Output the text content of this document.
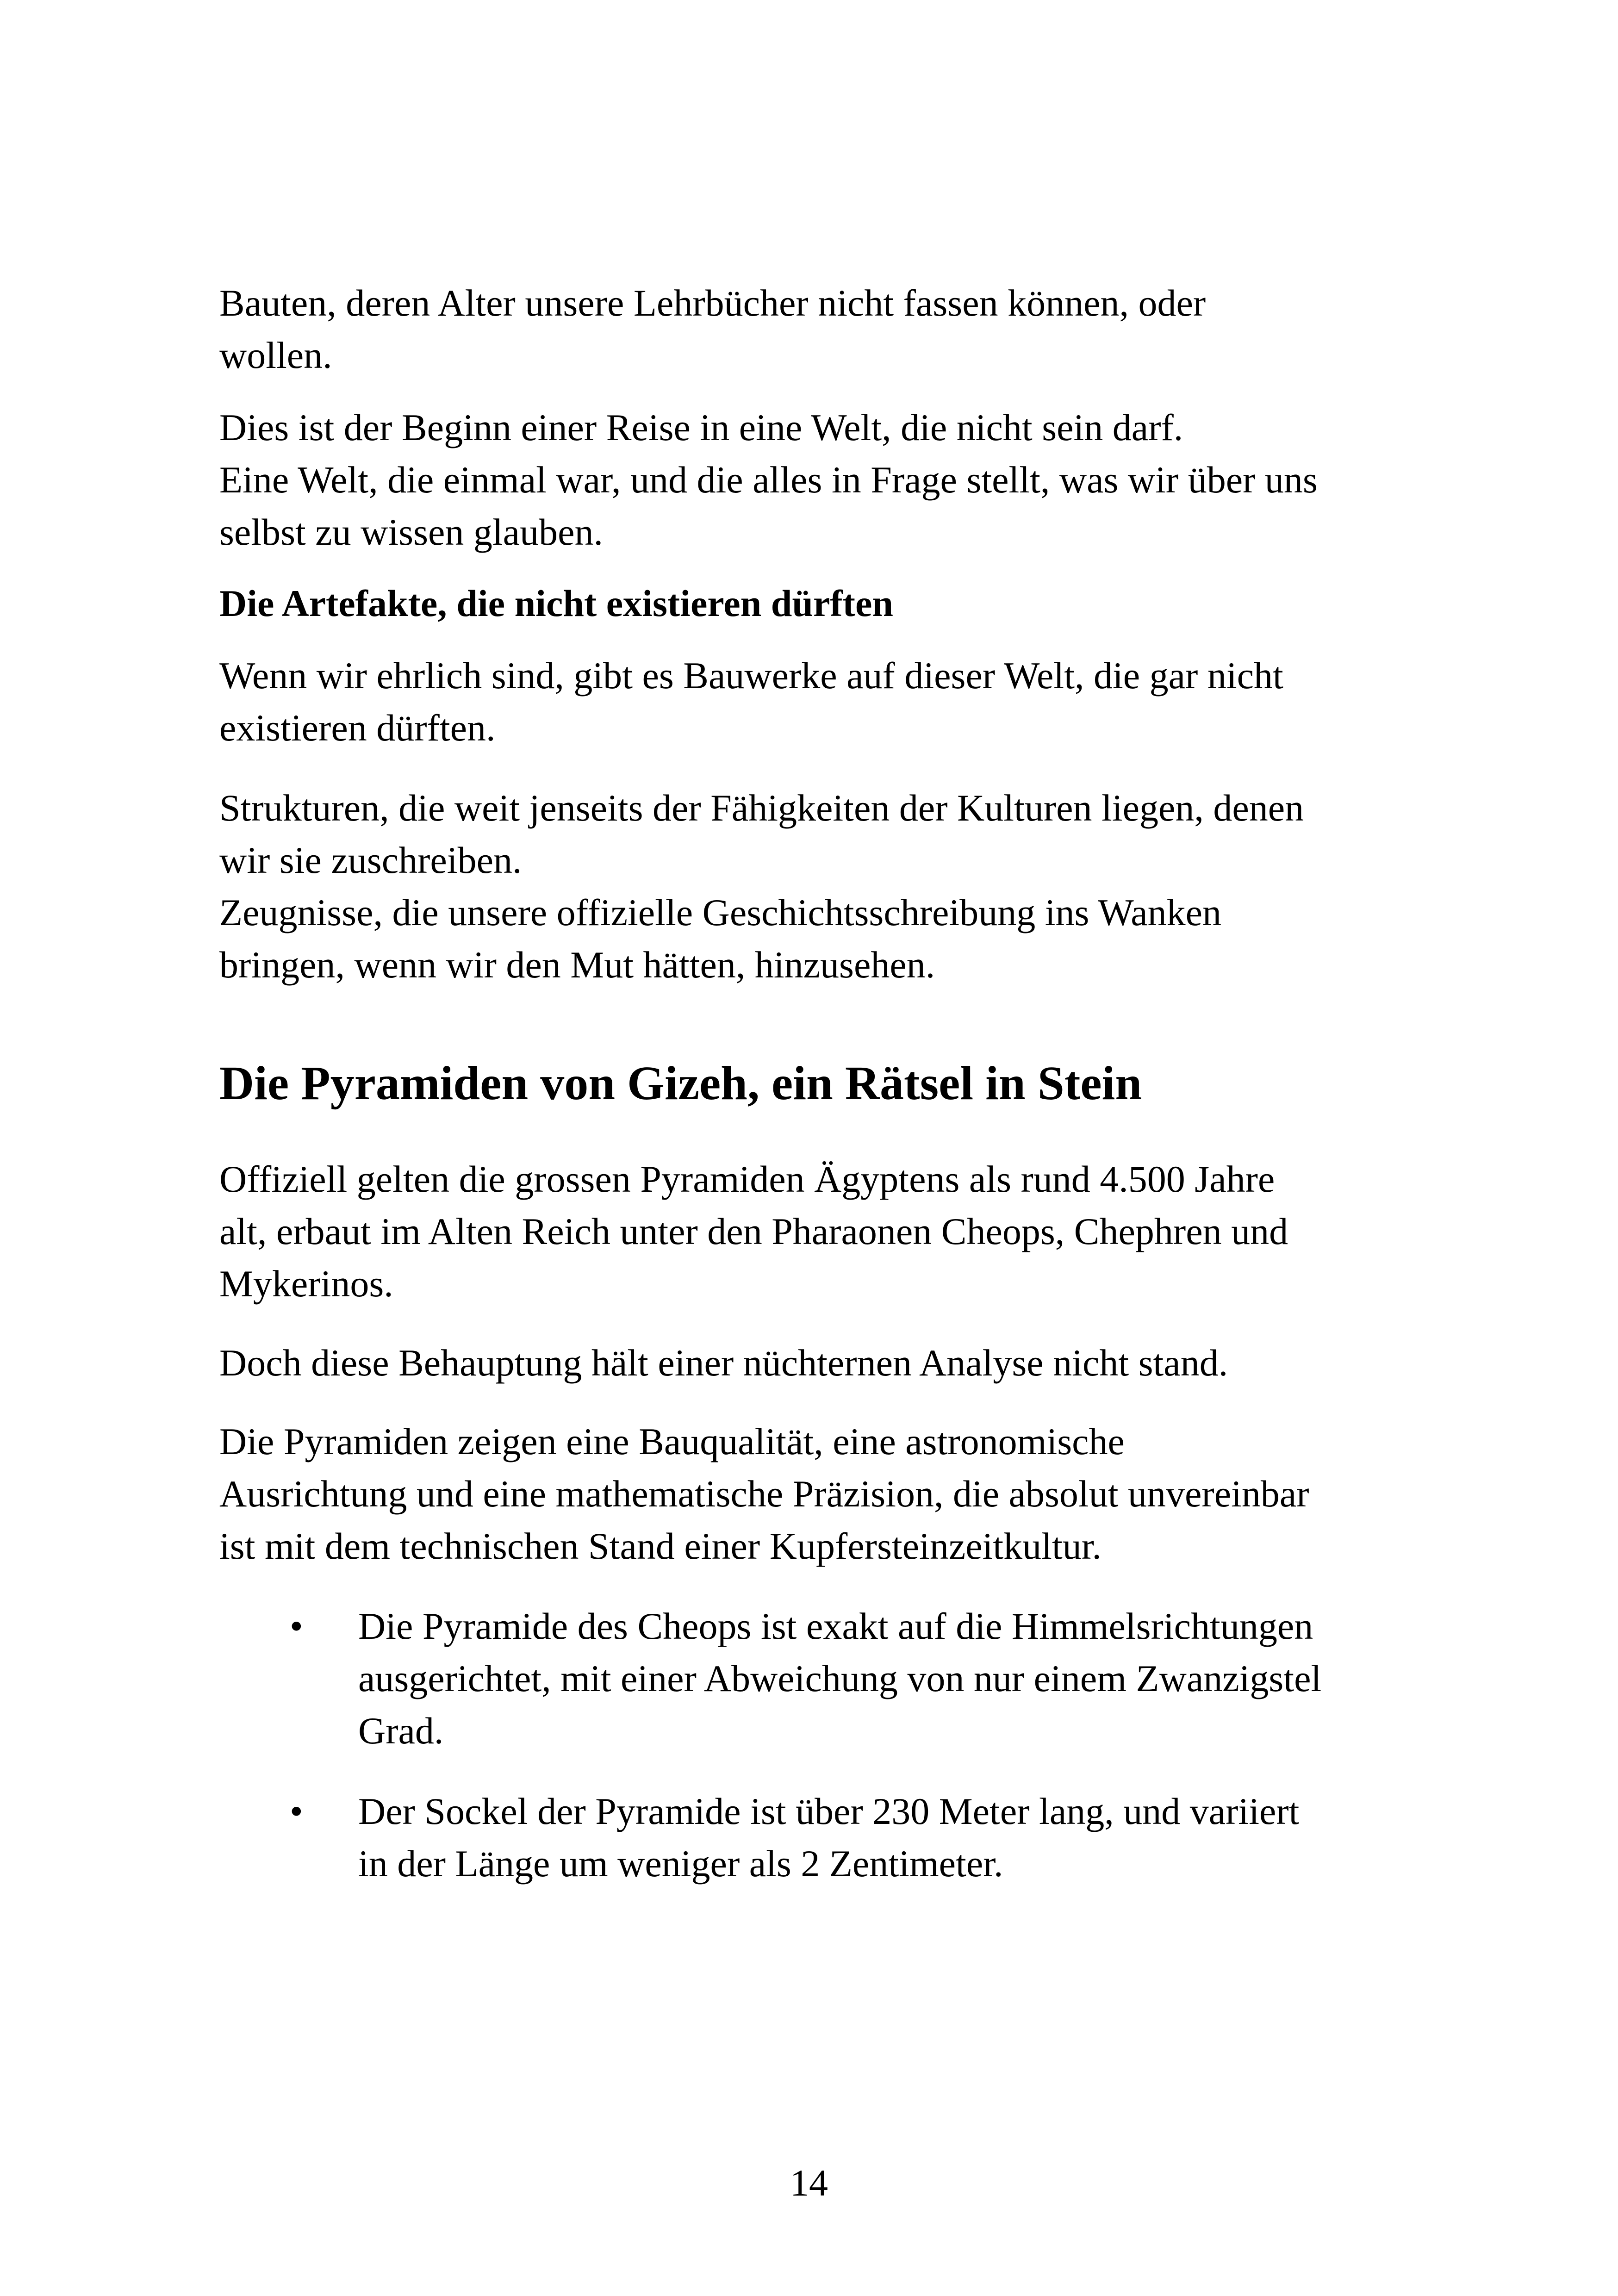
Bauten, deren Alter unsere Lehrbücher nicht fassen können, oder
wollen.

Dies ist der Beginn einer Reise in eine Welt, die nicht sein darf.
Eine Welt, die einmal war, und die alles in Frage stellt, was wir über uns
selbst zu wissen glauben.

Die Artefakte, die nicht existieren dürften

Wenn wir ehrlich sind, gibt es Bauwerke auf dieser Welt, die gar nicht
existieren dürften.

Strukturen, die weit jenseits der Fähigkeiten der Kulturen liegen, denen
wir sie zuschreiben.
Zeugnisse, die unsere offizielle Geschichtsschreibung ins Wanken
bringen, wenn wir den Mut hätten, hinzusehen.

Die Pyramiden von Gizeh, ein Rätsel in Stein

Offiziell gelten die grossen Pyramiden Ägyptens als rund 4.500 Jahre
alt, erbaut im Alten Reich unter den Pharaonen Cheops, Chephren und
Mykerinos.

Doch diese Behauptung hält einer nüchternen Analyse nicht stand.

Die Pyramiden zeigen eine Bauqualität, eine astronomische
Ausrichtung und eine mathematische Präzision, die absolut unvereinbar
ist mit dem technischen Stand einer Kupfersteinzeitkultur.

• Die Pyramide des Cheops ist exakt auf die Himmelsrichtungen
ausgerichtet, mit einer Abweichung von nur einem Zwanzigstel
Grad.
• Der Sockel der Pyramide ist über 230 Meter lang, und variiert
in der Länge um weniger als 2 Zentimeter.
14
